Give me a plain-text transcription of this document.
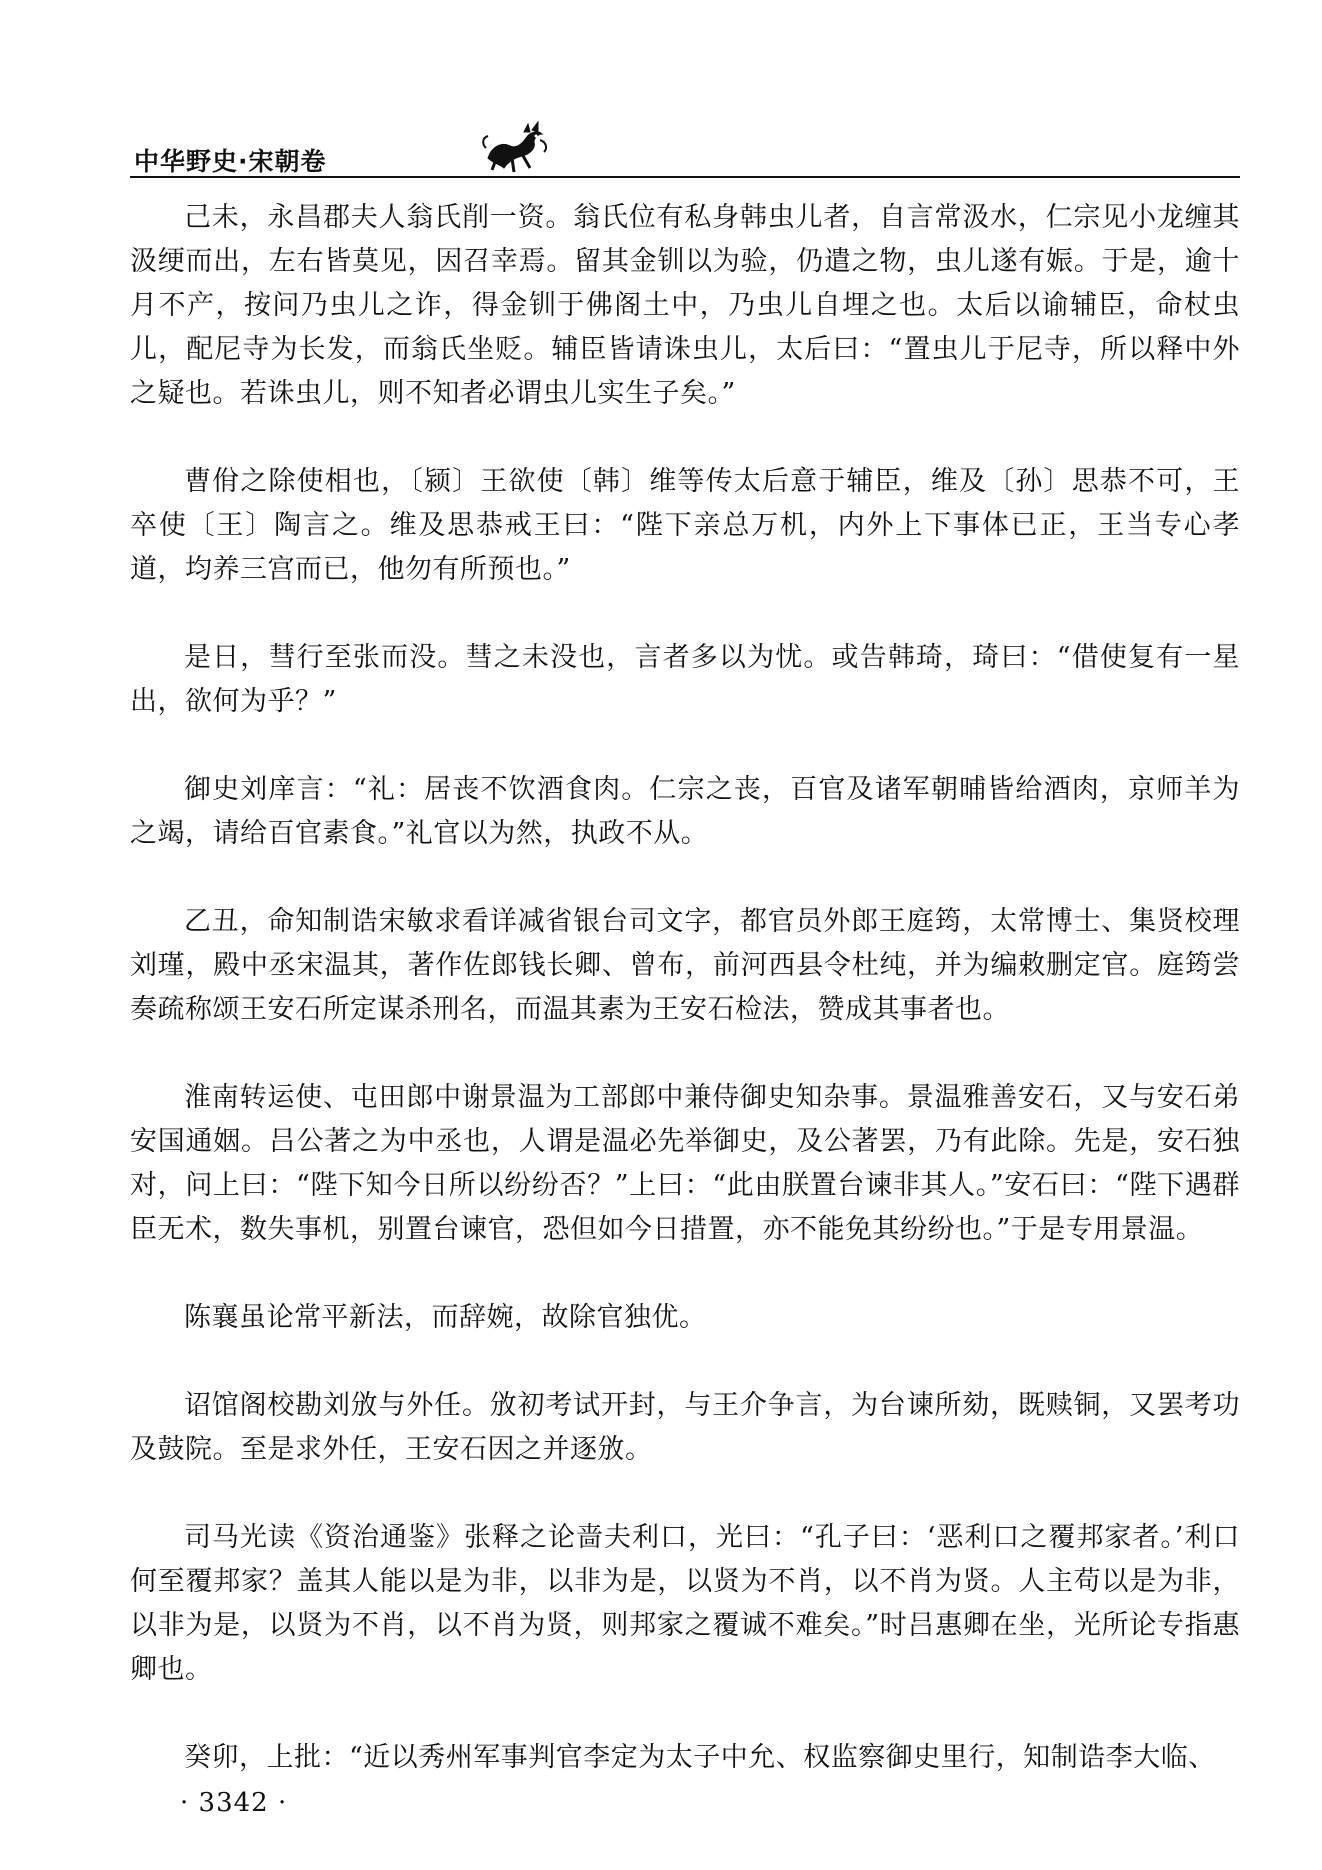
中华野史·宋朝卷

己未，永昌郡夫人翁氏削一资。翁氏位有私身韩虫儿者，自言常汲水，仁宗见小龙缠其汲绠而出，左右皆莫见，因召幸焉。留其金钏以为验，仍遣之物，虫儿遂有娠。于是，逾十月不产，按问乃虫儿之诈，得金钏于佛阁土中，乃虫儿自埋之也。太后以谕辅臣，命杖虫儿，配尼寺为长发，而翁氏坐贬。辅臣皆请诛虫儿，太后曰：“置虫儿于尼寺，所以释中外之疑也。若诛虫儿，则不知者必谓虫儿实生子矣。”

曹佾之除使相也，〔颍〕王欲使〔韩〕维等传太后意于辅臣，维及〔孙〕思恭不可，王卒使〔王〕陶言之。维及思恭戒王曰：“陛下亲总万机，内外上下事体已正，王当专心孝道，均养三宫而已，他勿有所预也。”

是日，彗行至张而没。彗之未没也，言者多以为忧。或告韩琦，琦曰：“借使复有一星出，欲何为乎？”

御史刘庠言：“礼：居丧不饮酒食肉。仁宗之丧，百官及诸军朝晡皆给酒肉，京师羊为之竭，请给百官素食。”礼官以为然，执政不从。

乙丑，命知制诰宋敏求看详减省银台司文字，都官员外郎王庭筠，太常博士、集贤校理刘瑾，殿中丞宋温其，著作佐郎钱长卿、曾布，前河西县令杜纯，并为编敕删定官。庭筠尝奏疏称颂王安石所定谋杀刑名，而温其素为王安石检法，赞成其事者也。

淮南转运使、屯田郎中谢景温为工部郎中兼侍御史知杂事。景温雅善安石，又与安石弟安国通姻。吕公著之为中丞也，人谓是温必先举御史，及公著罢，乃有此除。先是，安石独对，问上曰：“陛下知今日所以纷纷否？”上曰：“此由朕置台谏非其人。”安石曰：“陛下遇群臣无术，数失事机，别置台谏官，恐但如今日措置，亦不能免其纷纷也。”于是专用景温。

陈襄虽论常平新法，而辞婉，故除官独优。

诏馆阁校勘刘攽与外任。攽初考试开封，与王介争言，为台谏所劾，既赎铜，又罢考功及鼓院。至是求外任，王安石因之并逐攽。

司马光读《资治通鉴》张释之论啬夫利口，光曰：“孔子曰：‘恶利口之覆邦家者。’利口何至覆邦家？盖其人能以是为非，以非为是，以贤为不肖，以不肖为贤。人主苟以是为非，以非为是，以贤为不肖，以不肖为贤，则邦家之覆诚不难矣。”时吕惠卿在坐，光所论专指惠卿也。

癸卯，上批：“近以秀州军事判官李定为太子中允、权监察御史里行，知制诰李大临、

· 3342 ·
